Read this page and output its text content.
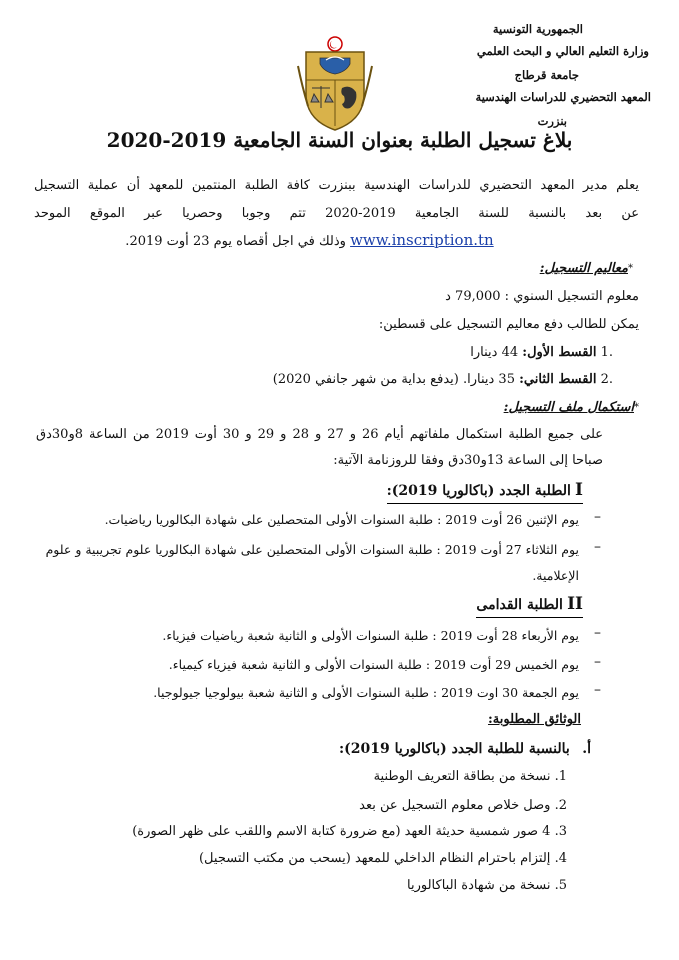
الجمهورية التونسية
وزارة التعليم العالي و البحث العلمي
جامعة قرطاج
المعهد التحضيري للدراسات الهندسية
بنزرت
بلاغ تسجيل الطلبة بعنوان السنة الجامعية 2019-2020
يعلم مدير المعهد التحضيري للدراسات الهندسية ببنزرت كافة الطلبة المنتمين للمعهد أن عملية التسجيل
عن بعد بالنسبة للسنة الجامعية 2019-2020 تتم وجوبا وحصريا عبر الموقع الموحد
www.inscription.tn وذلك في اجل أقصاه يوم 23 أوت 2019.
*معاليم التسجيل:
معلوم التسجيل السنوي : 79,000 د
يمكن للطالب دفع معاليم التسجيل على قسطين:
.1 القسط الأول: 44 دينارا
.2 القسط الثاني: 35 دينارا. (يدفع بداية من شهر جانفي 2020)
*استكمال ملف التسجيل:
على جميع الطلبة استكمال ملفاتهم أيام 26 و 27 و 28 و 29 و 30 أوت 2019 من الساعة 8و30دق
صباحا إلى الساعة 13و30دق وفقا للروزنامة الآتية:
I الطلبة الجدد (باكالوريا 2019):
–
يوم الإثنين 26 أوت 2019 : طلبة السنوات الأولى المتحصلين على شهادة البكالوريا رياضيات.
–
يوم الثلاثاء 27 أوت 2019 : طلبة السنوات الأولى المتحصلين على شهادة البكالوريا علوم تجريبية و علوم
الإعلامية.
II الطلبة القدامى
–
يوم الأربعاء 28 أوت 2019 : طلبة السنوات الأولى و الثانية شعبة رياضيات فيزياء.
–
يوم الخميس 29 أوت 2019 : طلبة السنوات الأولى و الثانية شعبة فيزياء كيمياء.
–
يوم الجمعة 30 اوت 2019 : طلبة السنوات الأولى و الثانية شعبة بيولوجيا جيولوجيا.
الوثائق المطلوبة:
أ. بالنسبة للطلبة الجدد (باكالوريا 2019):
1. نسخة من بطاقة التعريف الوطنية
2. وصل خلاص معلوم التسجيل عن بعد
3. 4 صور شمسية حديثة العهد (مع ضرورة كتابة الاسم واللقب على ظهر الصورة)
4. إلتزام باحترام النظام الداخلي للمعهد (يسحب من مكتب التسجيل)
5. نسخة من شهادة الباكالوريا
